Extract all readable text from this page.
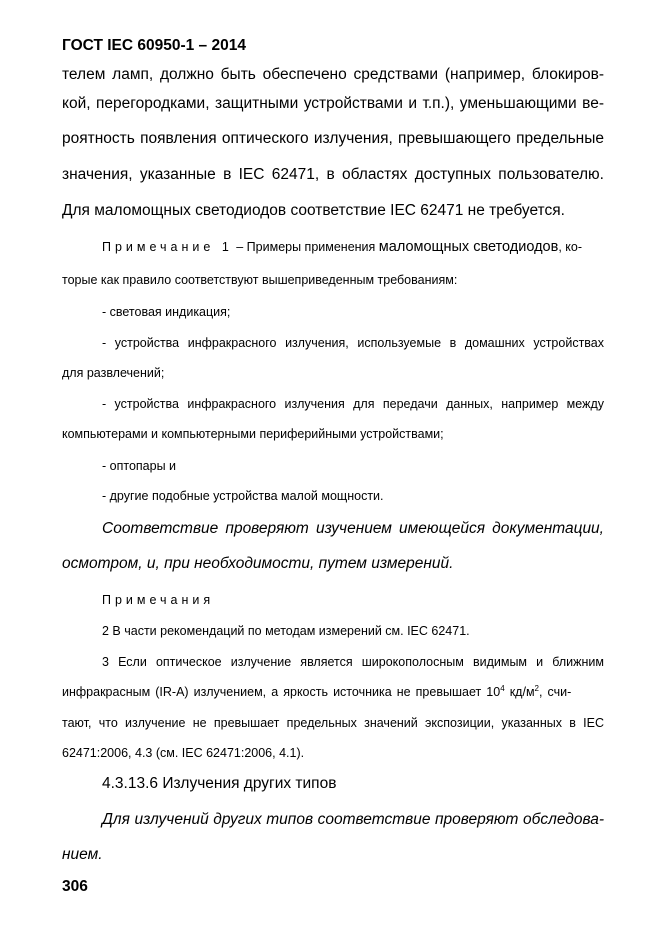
ГОСТ IEC 60950-1 – 2014
телем ламп, должно быть обеспечено средствами (например, блокиров-
кой, перегородками, защитными устройствами и т.п.), уменьшающими ве-
роятность появления оптического излучения, превышающего предельные
значения, указанные в IEC 62471, в областях доступных пользователю.
Для маломощных светодиодов соответствие IEC 62471 не требуется.
Примечание 1 – Примеры применения маломощных светодиодов, ко-
торые как правило соответствуют вышеприведенным требованиям:
- световая индикация;
- устройства инфракрасного излучения, используемые в домашних устройствах
для развлечений;
- устройства инфракрасного излучения для передачи данных, например между
компьютерами и компьютерными периферийными устройствами;
- оптопары и
- другие подобные устройства малой мощности.
Соответствие проверяют изучением имеющейся документации,
осмотром, и, при необходимости, путем измерений.
Примечания
2 В части рекомендаций по методам измерений см. IEC 62471.
3 Если оптическое излучение является широкополосным видимым и ближним
инфракрасным (IR-A) излучением, а яркость источника не превышает $10^4$ $кд/м^2$, счи-
тают, что излучение не превышает предельных значений экспозиции, указанных в IEC
62471:2006, 4.3 (см. IEC 62471:2006, 4.1).
4.3.13.6 Излучения других типов
Для излучений других типов соответствие проверяют обследова-
нием.
306
